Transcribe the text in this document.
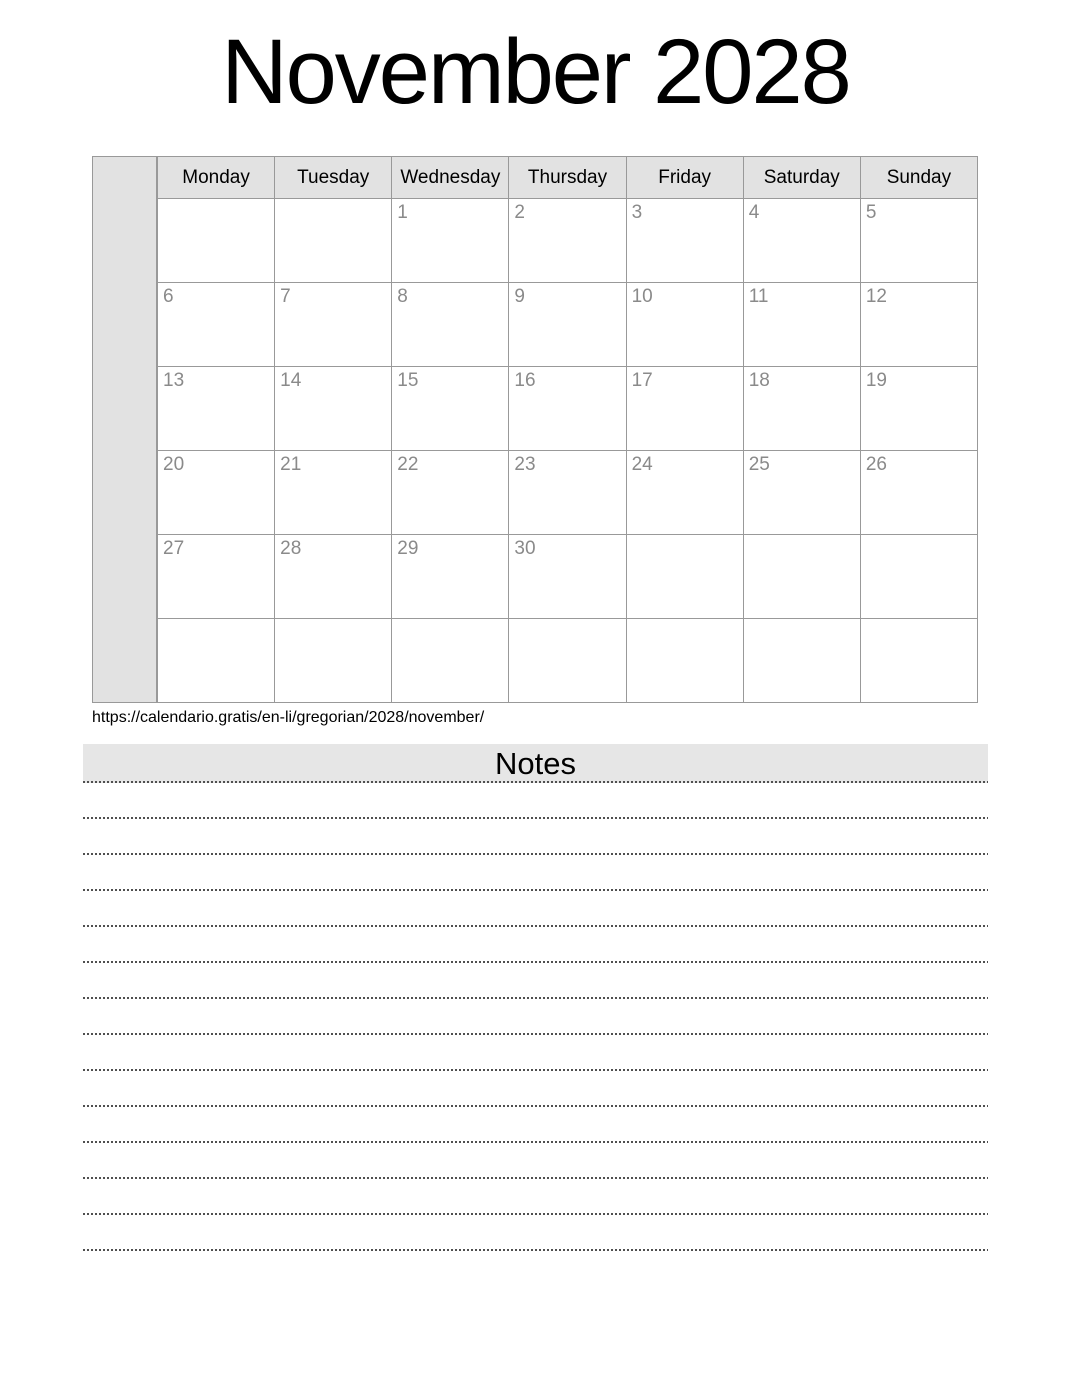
November 2028
Monday	Tuesday	Wednesday	Thursday	Friday	Saturday	Sunday
		1	2	3	4	5
6	7	8	9	10	11	12
13	14	15	16	17	18	19
20	21	22	23	24	25	26
27	28	29	30			

https://calendario.gratis/en-li/gregorian/2028/november/
Notes
